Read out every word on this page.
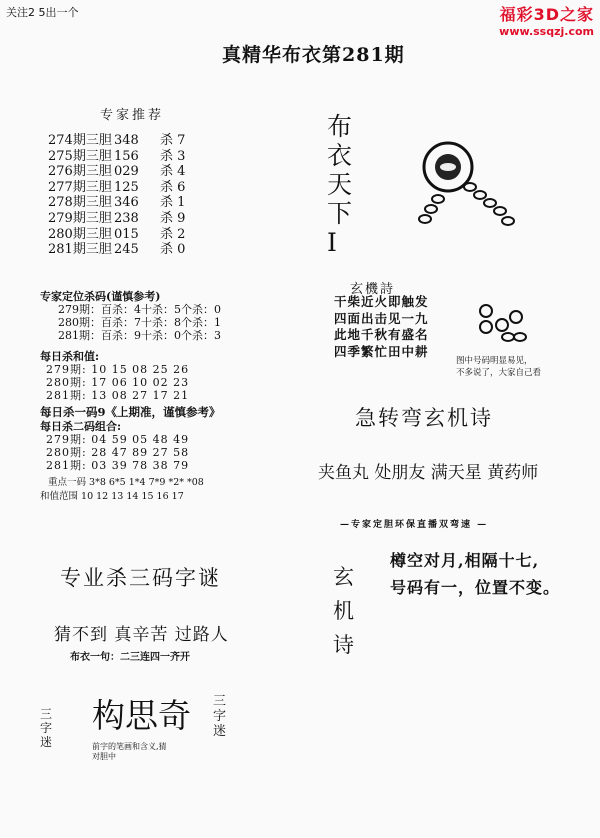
关注2 5出一个	福彩3D之家
www.ssqzj.com
真精华布衣第281期
专家推荐
274期三胆 348 杀 7
275期三胆 156 杀 3
276期三胆 029 杀 4
277期三胆 125 杀 6
278期三胆 346 杀 1
279期三胆 238 杀 9
280期三胆 015 杀 2
281期三胆 245 杀 0
专家定位杀码(谨慎参考)
279期：百杀：4十杀：5个杀：0
280期：百杀：7十杀：8个杀：1
281期：百杀：9十杀：0个杀：3
每日杀和值:
279期: 10 15 08 25 26
280期: 17 06 10 02 23
281期: 13 08 27 17 21
每日杀一码9《上期准，谨慎参考》
每日杀二码组合:
279期: 04 59 05 48 49
280期: 28 47 89 27 58
281期: 03 39 78 38 79
重点一码 3*8 6*5 1*4 7*9 *2* *08
和值范围 10 12 13 14 15 16 17
专业杀三码字谜
猜不到 真辛苦 过路人
布衣一句：二三连四一齐开
构思奇
三字迷
三字迷
前字的笔画和含义,猜
对胆中
布衣天下Ⅰ
玄機詩
干柴近火即触发
四面出击见一九
此地千秋有盛名
四季繁忙田中耕
图中号码明显易见，
不多说了，大家自己看
急转弯玄机诗
夹鱼丸 处朋友 满天星 黄药师
—专家定胆环保直播双弯速 —
玄机诗
樽空对月,相隔十七,
号码有一，位置不变。
